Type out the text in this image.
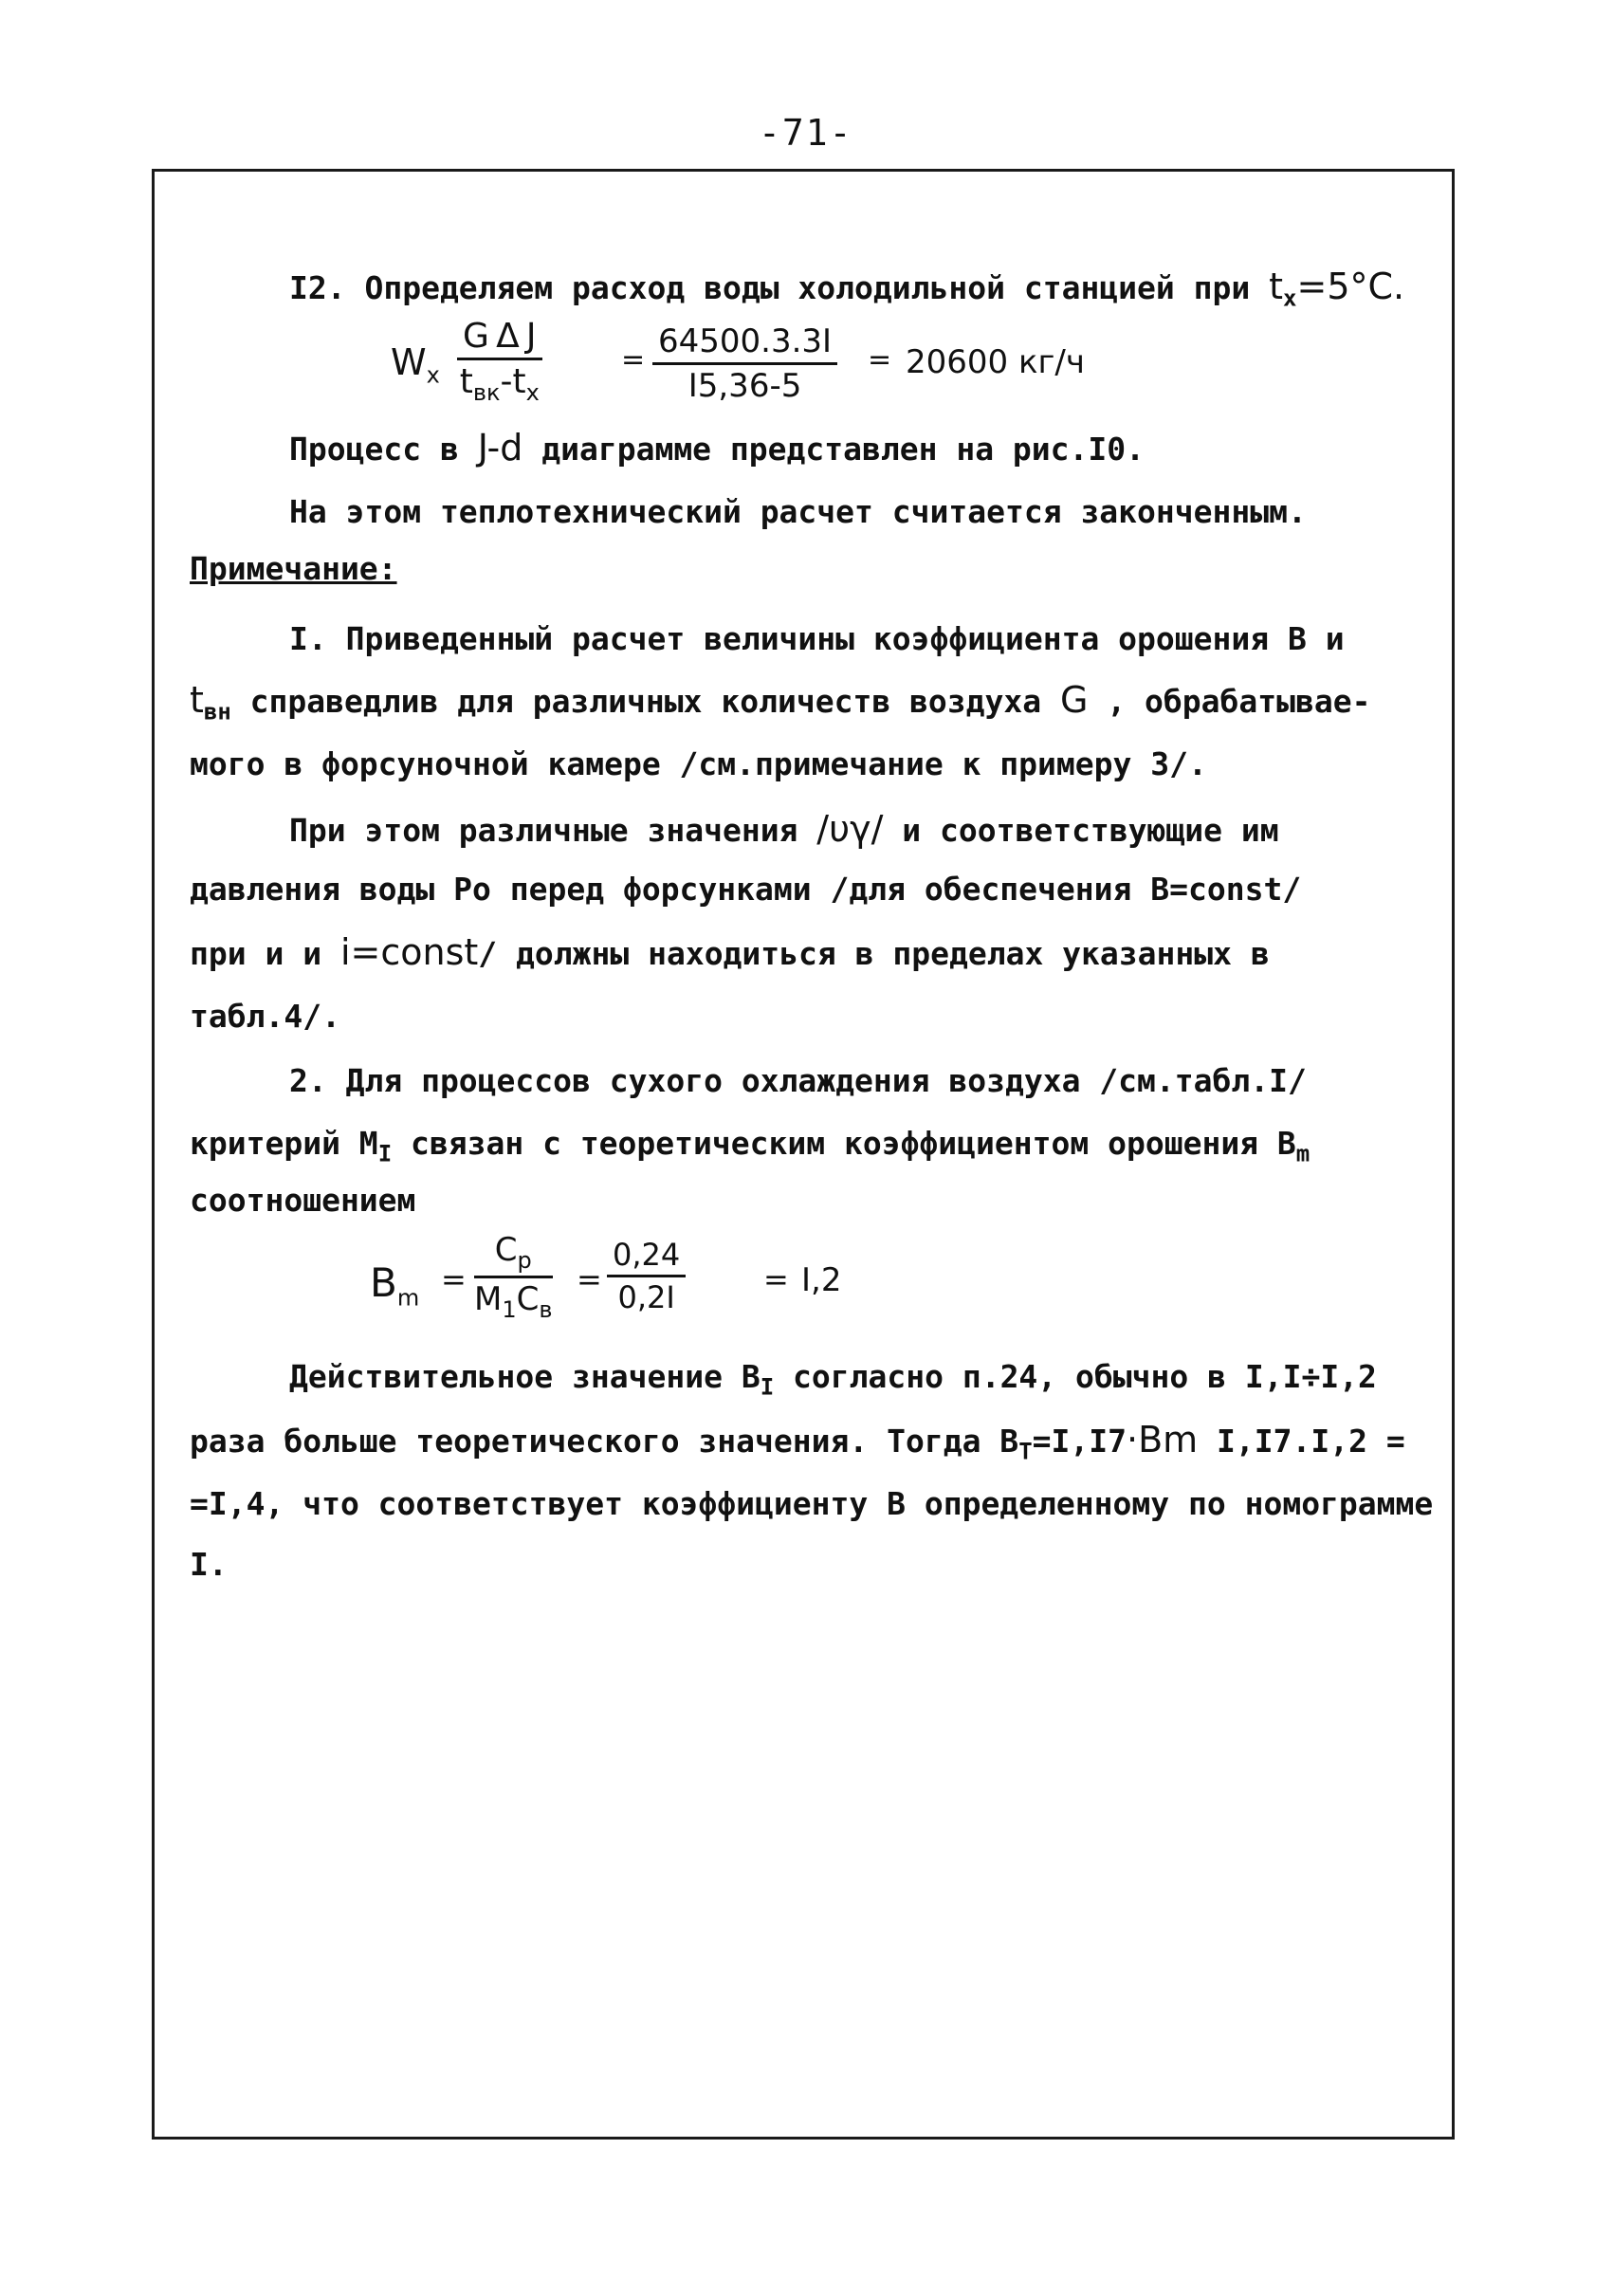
-71-
I2. Определяем расход воды холодильной станцией при $t_x=5^\circ C$.
$W_x$
G Δ J
$t_{вк}-t_x$
= $\frac{64500.3.3I}{I5,36-5} = 20600$ кг/ч
Процесс в J-d диаграмме представлен на рис.I0.
На этом теплотехнический расчет считается законченным.
Примечание:
I. Приведенный расчет величины коэффициента орошения B и
$t_{вн}$ справедлив для различных количеств воздуха G , обрабатывае-
мого в форсуночной камере /см.примечание к примеру 3/.
При этом различные значения /υγ/ и соответствующие им
давления воды Ро перед форсунками /для обеспечения B=const/
при и и i=const/ должны находиться в пределах указанных в
табл.4/.
2. Для процессов сухого охлаждения воздуха /см.табл.I/
критерий $M_I$ связан с теоретическим коэффициентом орошения $B_m$
соотношением
$B_m$
=
$C_p$
$M_1C_в$
= $\frac{0,24}{0,2I}$	= I,2
Действительное значение $B_I$ согласно п.24, обычно в I,I÷I,2
раза больше теоретического значения. Тогда $B_T=I,I7\cdot Bm$ I,I7.I,2 =
=I,4, что соответствует коэффициенту B определенному по номограмме
I.
